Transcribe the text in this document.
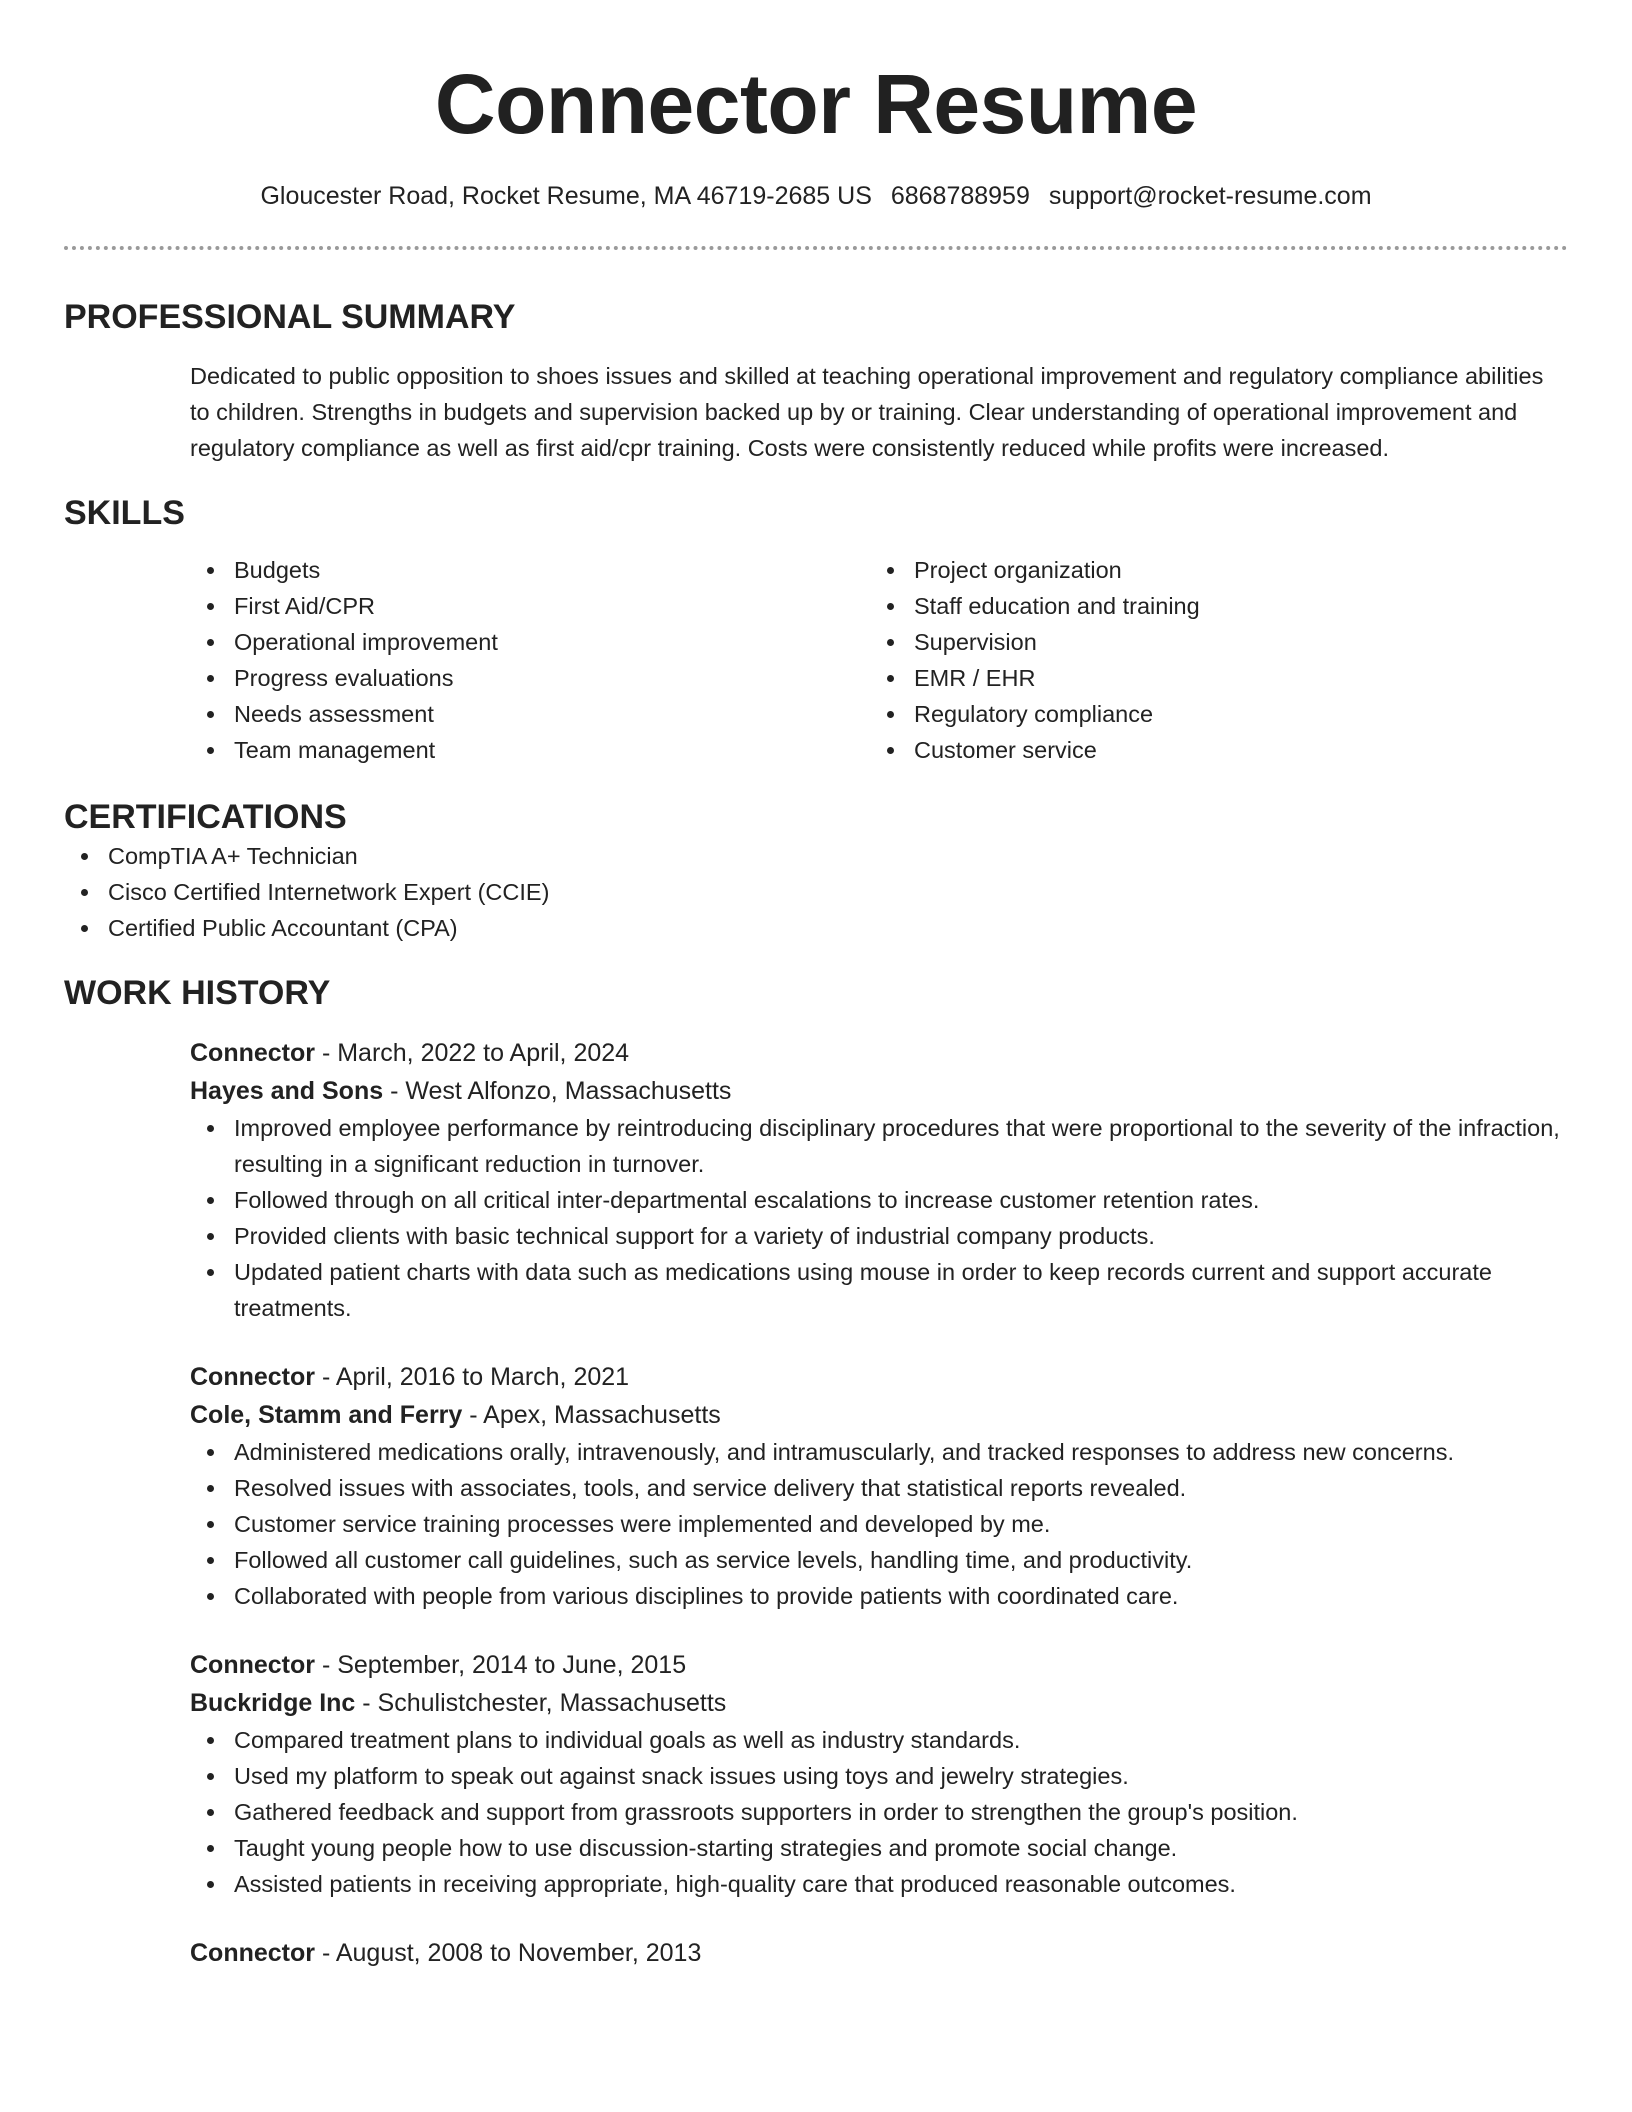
Connector Resume
Gloucester Road, Rocket Resume, MA 46719-2685 US 6868788959 support@rocket-resume.com
PROFESSIONAL SUMMARY
Dedicated to public opposition to shoes issues and skilled at teaching operational improvement and regulatory compliance abilities to children. Strengths in budgets and supervision backed up by or training. Clear understanding of operational improvement and regulatory compliance as well as first aid/cpr training. Costs were consistently reduced while profits were increased.
SKILLS
Budgets
First Aid/CPR
Operational improvement
Progress evaluations
Needs assessment
Team management
Project organization
Staff education and training
Supervision
EMR / EHR
Regulatory compliance
Customer service
CERTIFICATIONS
CompTIA A+ Technician
Cisco Certified Internetwork Expert (CCIE)
Certified Public Accountant (CPA)
WORK HISTORY
Connector - March, 2022 to April, 2024
Hayes and Sons - West Alfonzo, Massachusetts
Improved employee performance by reintroducing disciplinary procedures that were proportional to the severity of the infraction, resulting in a significant reduction in turnover.
Followed through on all critical inter-departmental escalations to increase customer retention rates.
Provided clients with basic technical support for a variety of industrial company products.
Updated patient charts with data such as medications using mouse in order to keep records current and support accurate treatments.
Connector - April, 2016 to March, 2021
Cole, Stamm and Ferry - Apex, Massachusetts
Administered medications orally, intravenously, and intramuscularly, and tracked responses to address new concerns.
Resolved issues with associates, tools, and service delivery that statistical reports revealed.
Customer service training processes were implemented and developed by me.
Followed all customer call guidelines, such as service levels, handling time, and productivity.
Collaborated with people from various disciplines to provide patients with coordinated care.
Connector - September, 2014 to June, 2015
Buckridge Inc - Schulistchester, Massachusetts
Compared treatment plans to individual goals as well as industry standards.
Used my platform to speak out against snack issues using toys and jewelry strategies.
Gathered feedback and support from grassroots supporters in order to strengthen the group's position.
Taught young people how to use discussion-starting strategies and promote social change.
Assisted patients in receiving appropriate, high-quality care that produced reasonable outcomes.
Connector - August, 2008 to November, 2013
